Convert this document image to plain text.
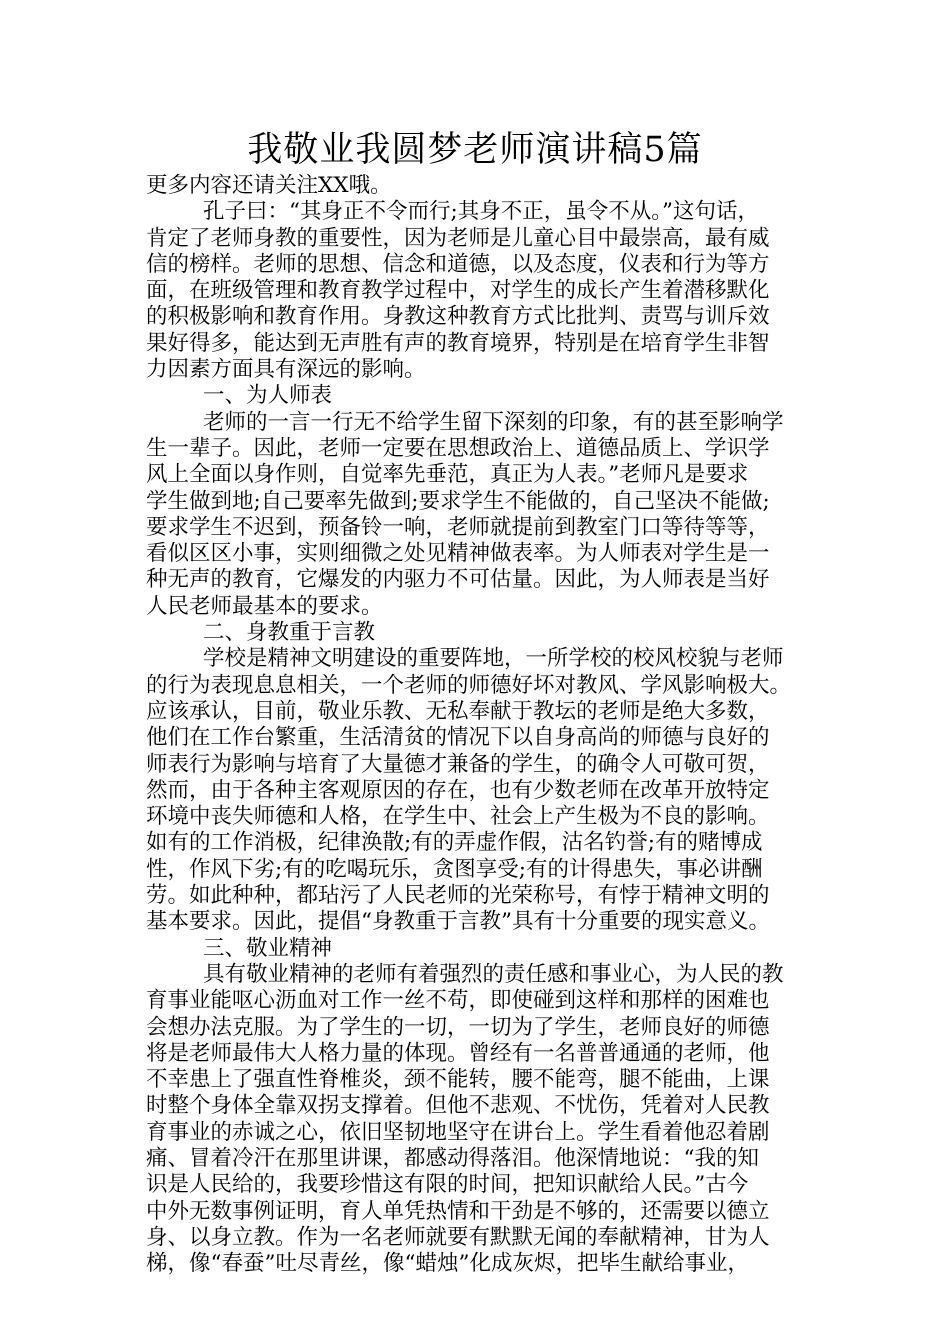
我敬业我圆梦老师演讲稿5篇
更多内容还请关注XX哦。
孔子曰：“其身正不令而行;其身不正，虽令不从。”这句话，
肯定了老师身教的重要性，因为老师是儿童心目中最崇高，最有威
信的榜样。老师的思想、信念和道德，以及态度，仪表和行为等方
面，在班级管理和教育教学过程中，对学生的成长产生着潜移默化
的积极影响和教育作用。身教这种教育方式比批判、责骂与训斥效
果好得多，能达到无声胜有声的教育境界，特别是在培育学生非智
力因素方面具有深远的影响。
一、为人师表
老师的一言一行无不给学生留下深刻的印象，有的甚至影响学
生一辈子。因此，老师一定要在思想政治上、道德品质上、学识学
风上全面以身作则，自觉率先垂范，真正为人表。”老师凡是要求
学生做到地;自己要率先做到;要求学生不能做的，自己坚决不能做;
要求学生不迟到，预备铃一响，老师就提前到教室门口等待等等，
看似区区小事，实则细微之处见精神做表率。为人师表对学生是一
种无声的教育，它爆发的内驱力不可估量。因此，为人师表是当好
人民老师最基本的要求。
二、身教重于言教
学校是精神文明建设的重要阵地，一所学校的校风校貌与老师
的行为表现息息相关，一个老师的师德好坏对教风、学风影响极大。
应该承认，目前，敬业乐教、无私奉献于教坛的老师是绝大多数，
他们在工作台繁重，生活清贫的情况下以自身高尚的师德与良好的
师表行为影响与培育了大量德才兼备的学生，的确令人可敬可贺，
然而，由于各种主客观原因的存在，也有少数老师在改革开放特定
环境中丧失师德和人格，在学生中、社会上产生极为不良的影响。
如有的工作消极，纪律涣散;有的弄虚作假，沽名钓誉;有的赌博成
性，作风下劣;有的吃喝玩乐，贪图享受;有的计得患失，事必讲酬
劳。如此种种，都玷污了人民老师的光荣称号，有悖于精神文明的
基本要求。因此，提倡“身教重于言教”具有十分重要的现实意义。
三、敬业精神
具有敬业精神的老师有着强烈的责任感和事业心，为人民的教
育事业能呕心沥血对工作一丝不苟，即使碰到这样和那样的困难也
会想办法克服。为了学生的一切，一切为了学生，老师良好的师德
将是老师最伟大人格力量的体现。曾经有一名普普通通的老师，他
不幸患上了强直性脊椎炎，颈不能转，腰不能弯，腿不能曲，上课
时整个身体全靠双拐支撑着。但他不悲观、不忧伤，凭着对人民教
育事业的赤诚之心，依旧坚韧地坚守在讲台上。学生看着他忍着剧
痛、冒着冷汗在那里讲课，都感动得落泪。他深情地说：“我的知
识是人民给的，我要珍惜这有限的时间，把知识献给人民。”古今
中外无数事例证明，育人单凭热情和干劲是不够的，还需要以德立
身、以身立教。作为一名老师就要有默默无闻的奉献精神，甘为人
梯，像“春蚕”吐尽青丝，像“蜡烛”化成灰烬，把毕生献给事业，
